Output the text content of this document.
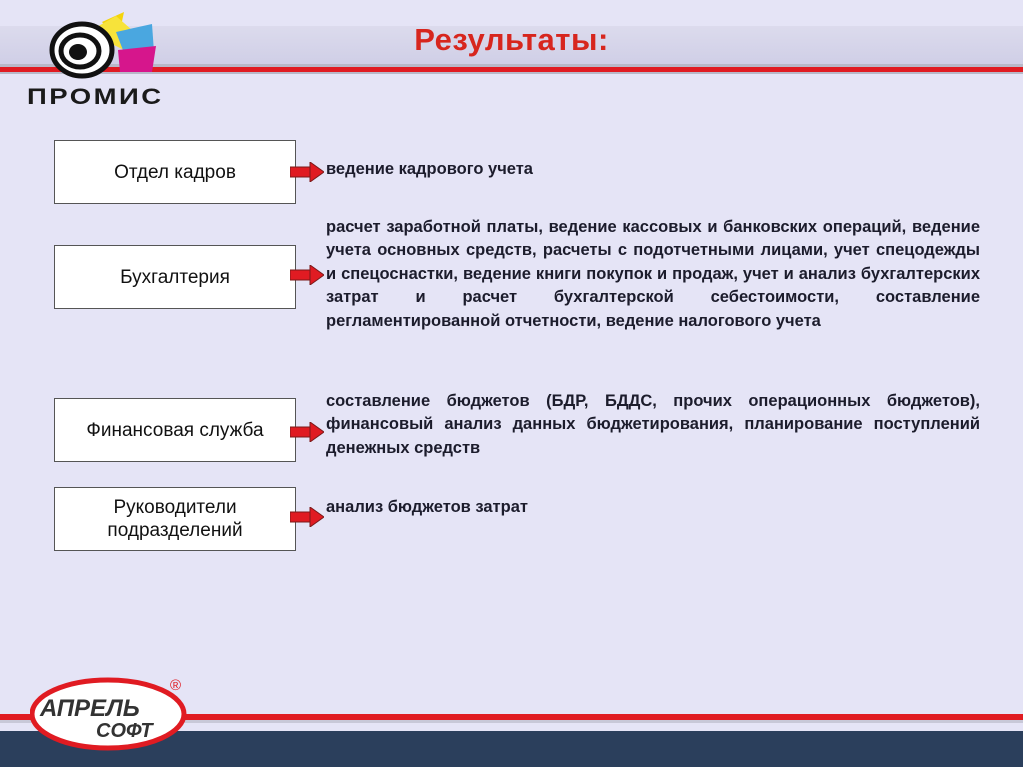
Результаты:
ПРОМИС
Отдел кадров	ведение кадрового учета
Бухгалтерия
расчет заработной платы, ведение кассовых и банковских операций, ведение учета основных средств, расчеты с подотчетными лицами, учет спецодежды и спецоснастки, ведение книги покупок и продаж, учет и анализ бухгалтерских затрат и расчет бухгалтерской себестоимости, составление регламентированной отчетности, ведение налогового учета
Финансовая служба
составление бюджетов (БДР, БДДС, прочих операционных бюджетов), финансовый анализ данных бюджетирования, планирование поступлений денежных средств
Руководители подразделений
анализ бюджетов затрат
АПРЕЛЬ
СОФТ
®
